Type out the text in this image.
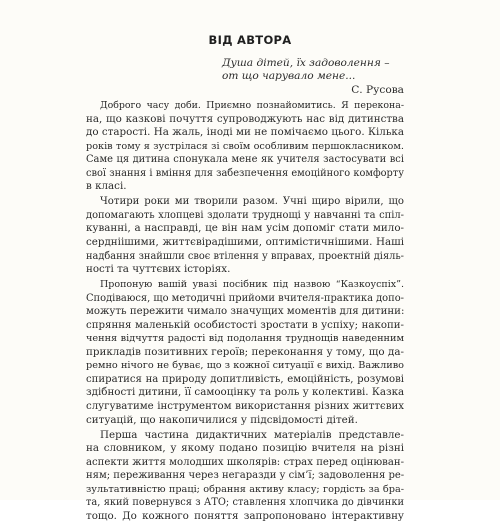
ВІД АВТОРА
Душа дітей, їх задоволення –
от що чарувало мене...
С. Русова
Доброго часу доби. Приємно познайомитись. Я перекона-
на, що казкові почуття супроводжують нас від дитинства
до старості. На жаль, іноді ми не помічаємо цього. Кілька
років тому я зустрілася зі своїм особливим першокласником.
Саме ця дитина спонукала мене як учителя застосувати всі
свої знання і вміння для забезпечення емоційного комфорту
в класі.
Чотири роки ми творили разом. Учні щиро вірили, що
допомагають хлопцеві здолати труднощі у навчанні та спіл-
куванні, а насправді, це він нам усім допоміг стати мило-
сердніішими, життєвірадішими, оптимістичнішими. Наші
надбання знайшли своє втілення у вправах, проектній діяль-
ності та чуттєвих історіях.
Пропоную вашій увазі посібник під назвою “Казкоуспіх”.
Сподіваюся, що методичні прийоми вчителя-практика допо-
можуть пережити чимало значущих моментів для дитини:
спряння маленькій особистості зростати в успіху; накопи-
чення відчуття радості від подолання труднощів наведенним
прикладів позитивних героїв; переконання у тому, що да-
ремно нічого не буває, що з кожної ситуації є вихід. Важливо
спиратися на природу допитливість, емоційність, розумові
здібності дитини, її самооцінку та роль у колективі. Казка
слугуватиме інструментом використання різних життєвих
ситуацій, що накопичилися у підсвідомості дітей.
Перша частина дидактичних матеріалів представле-
на словником, у якому подано позицію вчителя на різні
аспекти життя молодших школярів: страх перед оцінюван-
ням; переживання через негаразди у сім’ї; задоволення ре-
зультативністю праці; обрання активу класу; гордість за бра-
та, який повернувся з АТО; ставлення хлопчика до дівчинки
тощо. До кожного поняття запропоновано інтерактивну
